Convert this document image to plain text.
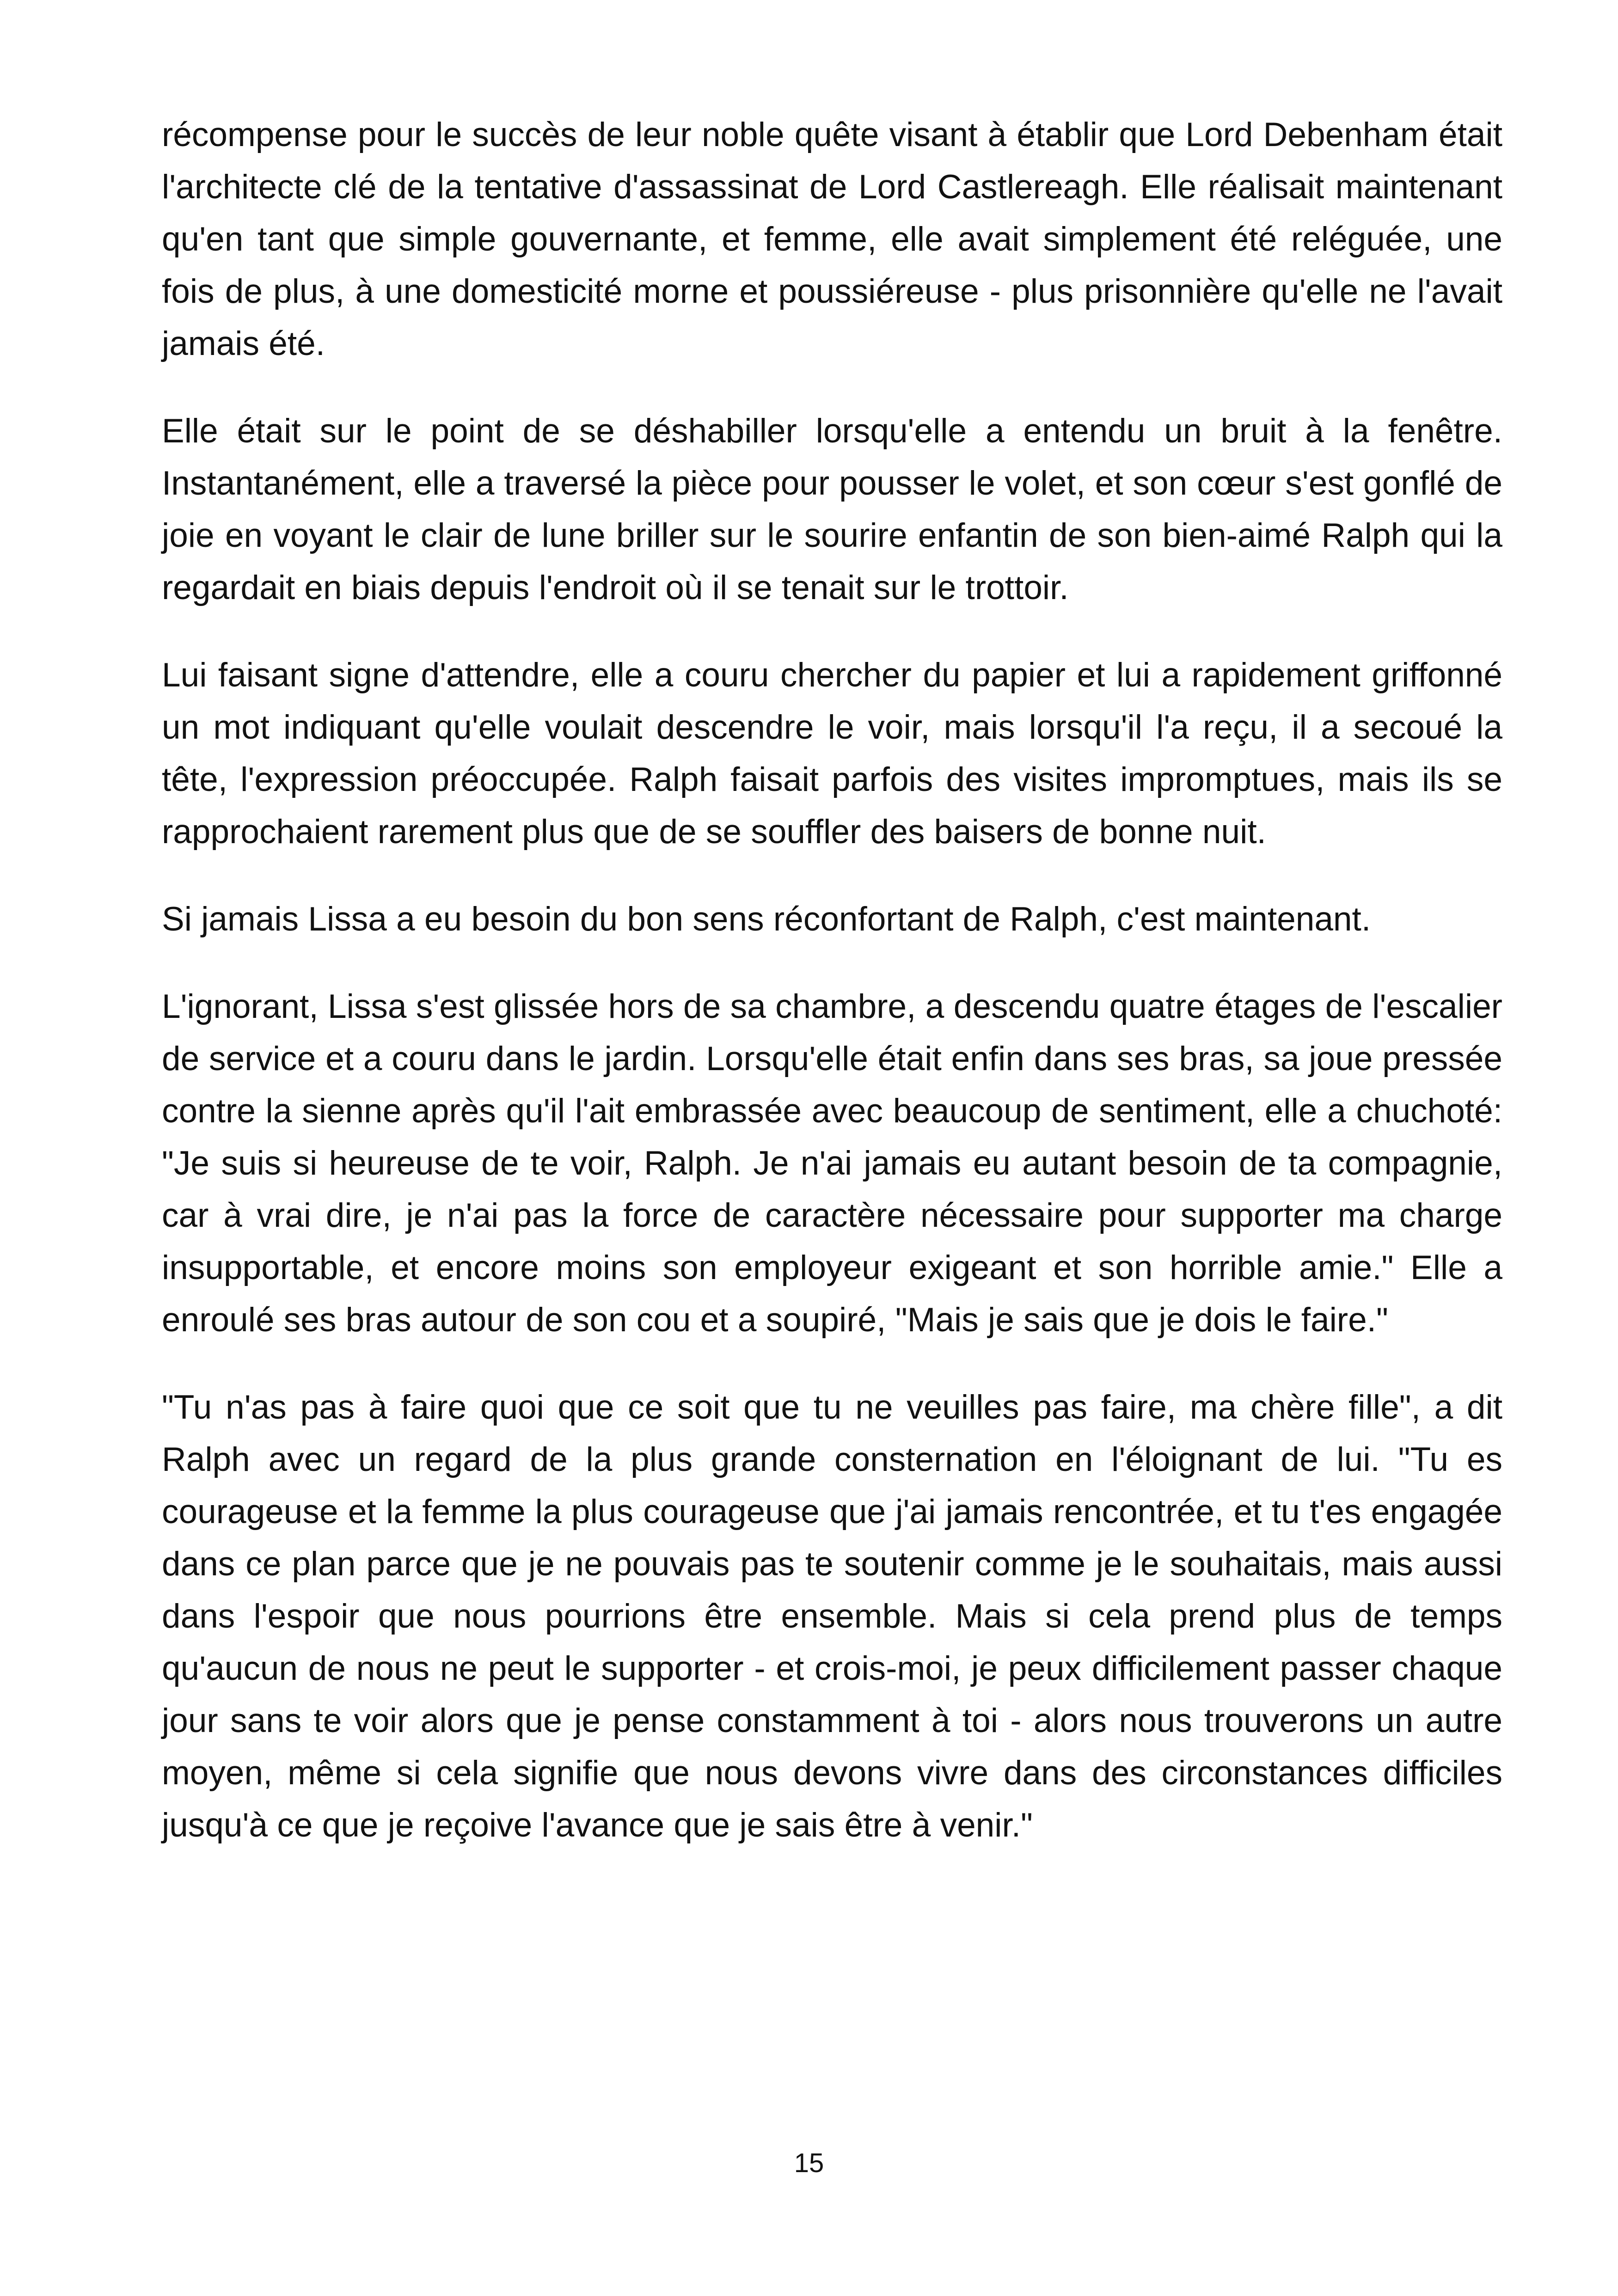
récompense pour le succès de leur noble quête visant à établir que Lord Debenham était l'architecte clé de la tentative d'assassinat de Lord Castlereagh. Elle réalisait maintenant qu'en tant que simple gouvernante, et femme, elle avait simplement été reléguée, une fois de plus, à une domesticité morne et poussiéreuse - plus prisonnière qu'elle ne l'avait jamais été.

Elle était sur le point de se déshabiller lorsqu'elle a entendu un bruit à la fenêtre. Instantanément, elle a traversé la pièce pour pousser le volet, et son cœur s'est gonflé de joie en voyant le clair de lune briller sur le sourire enfantin de son bien-aimé Ralph qui la regardait en biais depuis l'endroit où il se tenait sur le trottoir.

Lui faisant signe d'attendre, elle a couru chercher du papier et lui a rapidement griffonné un mot indiquant qu'elle voulait descendre le voir, mais lorsqu'il l'a reçu, il a secoué la tête, l'expression préoccupée. Ralph faisait parfois des visites impromptues, mais ils se rapprochaient rarement plus que de se souffler des baisers de bonne nuit.

Si jamais Lissa a eu besoin du bon sens réconfortant de Ralph, c'est maintenant.

L'ignorant, Lissa s'est glissée hors de sa chambre, a descendu quatre étages de l'escalier de service et a couru dans le jardin. Lorsqu'elle était enfin dans ses bras, sa joue pressée contre la sienne après qu'il l'ait embrassée avec beaucoup de sentiment, elle a chuchoté: "Je suis si heureuse de te voir, Ralph. Je n'ai jamais eu autant besoin de ta compagnie, car à vrai dire, je n'ai pas la force de caractère nécessaire pour supporter ma charge insupportable, et encore moins son employeur exigeant et son horrible amie." Elle a enroulé ses bras autour de son cou et a soupiré, "Mais je sais que je dois le faire."

"Tu n'as pas à faire quoi que ce soit que tu ne veuilles pas faire, ma chère fille", a dit Ralph avec un regard de la plus grande consternation en l'éloignant de lui. "Tu es courageuse et la femme la plus courageuse que j'ai jamais rencontrée, et tu t'es engagée dans ce plan parce que je ne pouvais pas te soutenir comme je le souhaitais, mais aussi dans l'espoir que nous pourrions être ensemble. Mais si cela prend plus de temps qu'aucun de nous ne peut le supporter - et crois-moi, je peux difficilement passer chaque jour sans te voir alors que je pense constamment à toi - alors nous trouverons un autre moyen, même si cela signifie que nous devons vivre dans des circonstances difficiles jusqu'à ce que je reçoive l'avance que je sais être à venir."

15
